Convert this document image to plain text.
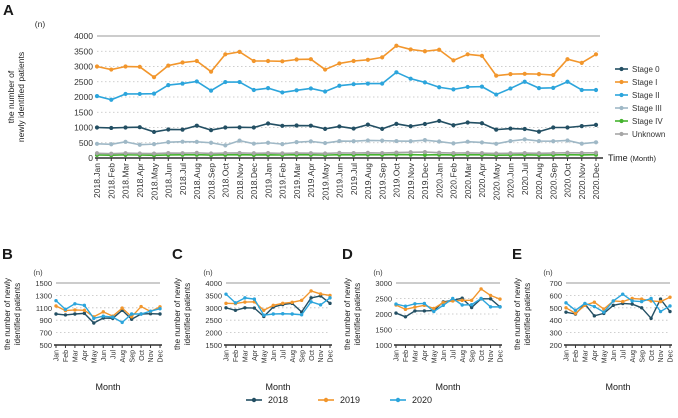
A
B	C	D	E
0
500
1000
1500
2000
2500
3000
3500
4000
2018.Jan 2018.Feb 2018.Mar 2018.Apr 2018.May 2018.Jun 2018.Jul 2018.Aug 2018.Sep 2018.Oct 2018.Nov 2018.Dec 2019.Jan 2019.Feb 2019.Mar 2019.Apr 2019.May 2019.Jun 2019.Jul 2019.Aug 2019.Sep 2019.Oct 2019.Nov 2019.Dec 2020.Jan 2020.Feb 2020.Mar 2020.Apr 2020.May 2020.Jun 2020.Jul 2020.Aug 2020.Sep 2020.Oct 2020.Nov 2020.Dec
(n)
the number of newly identified patients
Time (Month)
Stage 0
Stage I
Stage II
Stage III
Stage IV
Unknown
500
700
900
1100
1300
1500
Jan Feb Mar Apr May Jun Jul Aug Sep Oct Nov Dec
(n)
the number of newly identified patients
Month
1500
2000
2500
3000
3500
4000
Jan Feb Mar Apr May Jun Jul Aug Sep Oct Nov Dec
(n)
the number of newly identified patients
Month
1000
1500
2000
2500
3000
Jan Feb Mar Apr May Jun Jul Aug Sep Oct Nov Dec
(n)
the number of newly identified patients
Month
200
300
400
500
600
700
Jan Feb Mar Apr May Jun Jul Aug Sep Oct Nov Dec
(n)
the number of newly identified patients
Month
2018	2019	2020
